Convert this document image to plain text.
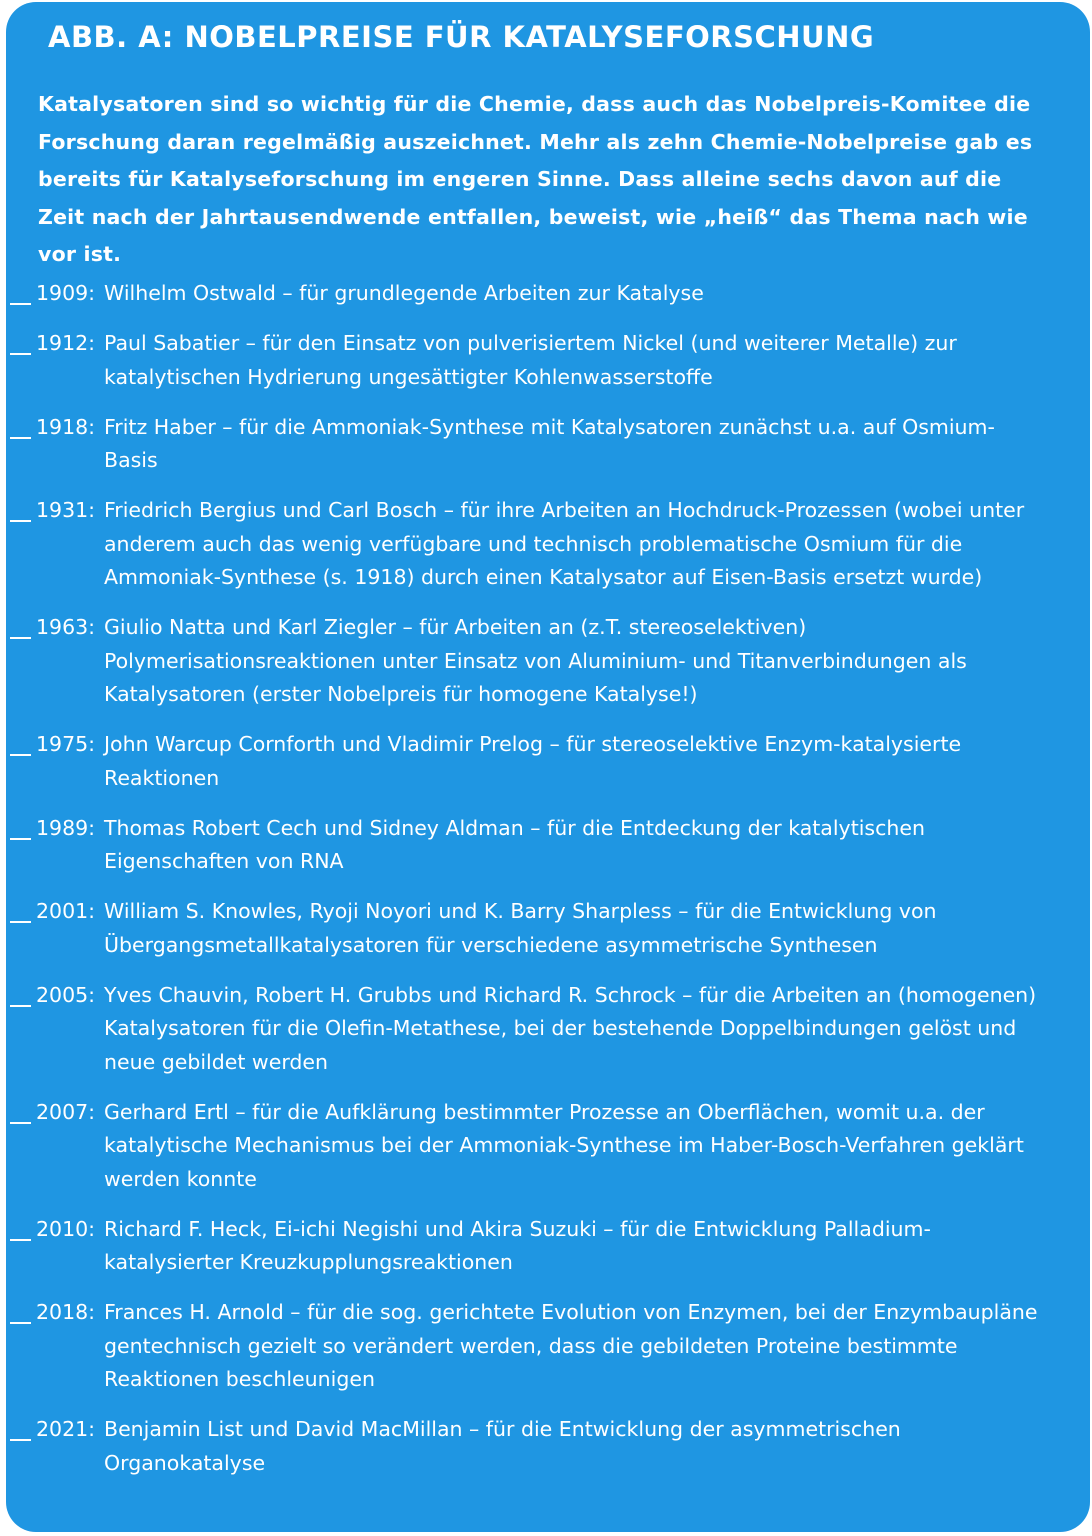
ABB. A: NOBELPREISE FÜR KATALYSEFORSCHUNG
Katalysatoren sind so wichtig für die Chemie, dass auch das Nobelpreis-Komitee die Forschung daran regelmäßig auszeichnet. Mehr als zehn Chemie-Nobelpreise gab es bereits für Katalyseforschung im engeren Sinne. Dass alleine sechs davon auf die Zeit nach der Jahrtausendwende entfallen, beweist, wie „heiß“ das Thema nach wie vor ist.
1909: Wilhelm Ostwald – für grundlegende Arbeiten zur Katalyse
1912: Paul Sabatier – für den Einsatz von pulverisiertem Nickel (und weiterer Metalle) zur katalytischen Hydrierung ungesättigter Kohlenwasserstoffe
1918: Fritz Haber – für die Ammoniak-Synthese mit Katalysatoren zunächst u.a. auf Osmium-Basis
1931: Friedrich Bergius und Carl Bosch – für ihre Arbeiten an Hochdruck-Prozessen (wobei unter anderem auch das wenig verfügbare und technisch problematische Osmium für die Ammoniak-Synthese (s. 1918) durch einen Katalysator auf Eisen-Basis ersetzt wurde)
1963: Giulio Natta und Karl Ziegler – für Arbeiten an (z.T. stereoselektiven) Polymerisationsreaktionen unter Einsatz von Aluminium- und Titanverbindungen als Katalysatoren (erster Nobelpreis für homogene Katalyse!)
1975: John Warcup Cornforth und Vladimir Prelog – für stereoselektive Enzym-katalysierte Reaktionen
1989: Thomas Robert Cech und Sidney Aldman – für die Entdeckung der katalytischen Eigenschaften von RNA
2001: William S. Knowles, Ryoji Noyori und K. Barry Sharpless – für die Entwicklung von Übergangsmetallkatalysatoren für verschiedene asymmetrische Synthesen
2005: Yves Chauvin, Robert H. Grubbs und Richard R. Schrock – für die Arbeiten an (homogenen) Katalysatoren für die Olefin-Metathese, bei der bestehende Doppelbindungen gelöst und neue gebildet werden
2007: Gerhard Ertl – für die Aufklärung bestimmter Prozesse an Oberflächen, womit u.a. der katalytische Mechanismus bei der Ammoniak-Synthese im Haber-Bosch-Verfahren geklärt werden konnte
2010: Richard F. Heck, Ei-ichi Negishi und Akira Suzuki – für die Entwicklung Palladium-katalysierter Kreuzkupplungsreaktionen
2018: Frances H. Arnold – für die sog. gerichtete Evolution von Enzymen, bei der Enzymbaupläne gentechnisch gezielt so verändert werden, dass die gebildeten Proteine bestimmte Reaktionen beschleunigen
2021: Benjamin List und David MacMillan – für die Entwicklung der asymmetrischen Organokatalyse
